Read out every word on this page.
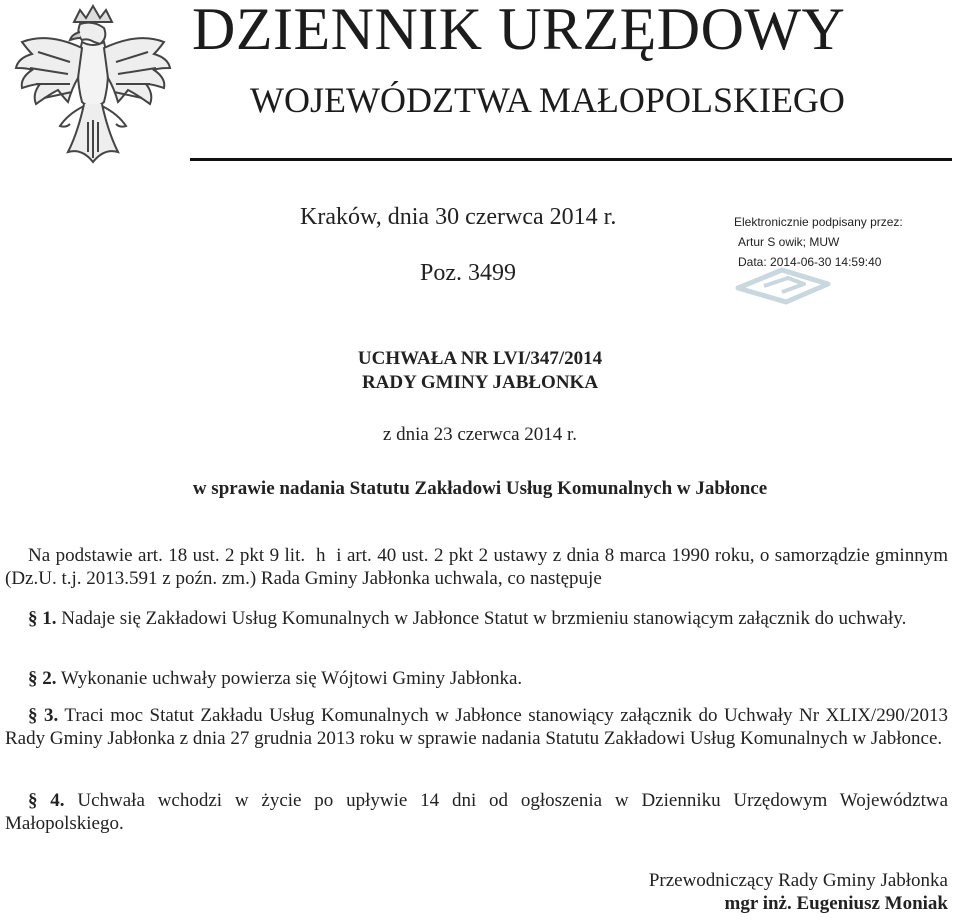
DZIENNIK URZĘDOWY
WOJEWÓDZTWA MAŁOPOLSKIEGO
Kraków, dnia 30 czerwca 2014 r.
Poz. 3499
Elektronicznie podpisany przez:
Artur S owik; MUW
Data: 2014-06-30 14:59:40
UCHWAŁA NR LVI/347/2014
RADY GMINY JABŁONKA
z dnia 23 czerwca 2014 r.
w sprawie nadania Statutu Zakładowi Usług Komunalnych w Jabłonce
Na podstawie art. 18 ust. 2 pkt 9 lit.  h  i art. 40 ust. 2 pkt 2 ustawy z dnia 8 marca 1990 roku, o samorządzie gminnym (Dz.U. t.j. 2013.591 z poźn. zm.) Rada Gminy Jabłonka uchwala, co następuje
§ 1. Nadaje się Zakładowi Usług Komunalnych w Jabłonce Statut w brzmieniu stanowiącym załącznik do uchwały.
§ 2. Wykonanie uchwały powierza się Wójtowi Gminy Jabłonka.
§ 3. Traci moc Statut Zakładu Usług Komunalnych w Jabłonce stanowiący załącznik do Uchwały Nr XLIX/290/2013 Rady Gminy Jabłonka z dnia 27 grudnia 2013 roku w sprawie nadania Statutu Zakładowi Usług Komunalnych w Jabłonce.
§ 4. Uchwała wchodzi w życie po upływie 14 dni od ogłoszenia w Dzienniku Urzędowym Województwa Małopolskiego.
Przewodniczący Rady Gminy Jabłonka
mgr inż. Eugeniusz Moniak
